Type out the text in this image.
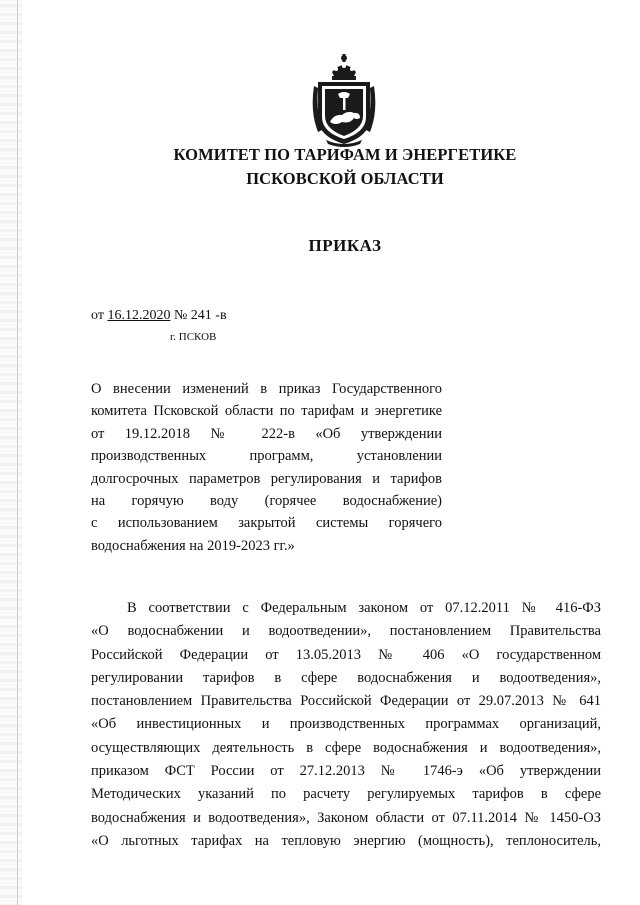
КОМИТЕТ ПО ТАРИФАМ И ЭНЕРГЕТИКЕ
ПСКОВСКОЙ ОБЛАСТИ
ПРИКАЗ
от 16.12.2020 № 241 -в
г. ПСКОВ
О внесении изменений в приказ Государственного
комитета Псковской области по тарифам и энергетике
от 19.12.2018 № 222-в «Об утверждении
производственных программ, установлении
долгосрочных параметров регулирования и тарифов
на горячую воду (горячее водоснабжение)
с использованием закрытой системы горячего
водоснабжения на 2019-2023 гг.»
В соответствии с Федеральным законом от 07.12.2011 № 416-ФЗ
«О водоснабжении и водоотведении», постановлением Правительства
Российской Федерации от 13.05.2013 № 406 «О государственном
регулировании тарифов в сфере водоснабжения и водоотведения»,
постановлением Правительства Российской Федерации от 29.07.2013 № 641
«Об инвестиционных и производственных программах организаций,
осуществляющих деятельность в сфере водоснабжения и водоотведения»,
приказом ФСТ России от 27.12.2013 № 1746-э «Об утверждении
Методических указаний по расчету регулируемых тарифов в сфере
водоснабжения и водоотведения», Законом области от 07.11.2014 № 1450-ОЗ
«О льготных тарифах на тепловую энергию (мощность), теплоноситель,
